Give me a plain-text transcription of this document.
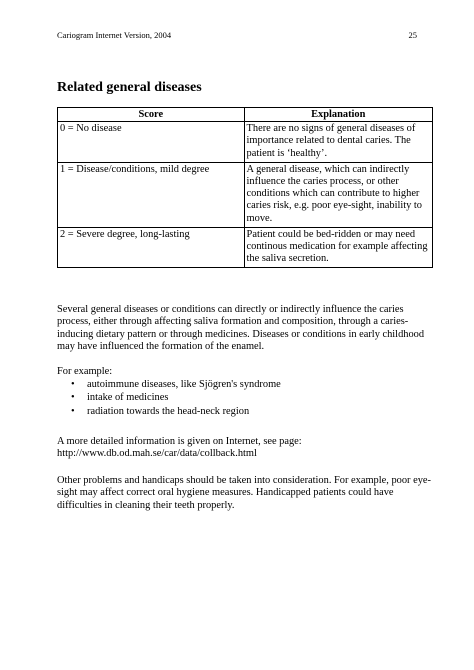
Cariogram Internet Version, 2004	25
Related general diseases
Score	Explanation
0 = No disease	There are no signs of general diseases of importance related to dental caries. The patient is ‘healthy’.
1 = Disease/conditions, mild degree	A general disease, which can indirectly influence the caries process, or other conditions which can contribute to higher caries risk, e.g. poor eye-sight, inability to move.
2 = Severe degree, long-lasting	Patient could be bed-ridden or may need continous medication for example affecting the saliva secretion.

Several general diseases or conditions can directly or indirectly influence the caries process, either through affecting saliva formation and composition, through a caries-inducing dietary pattern or through medicines. Diseases or conditions in early childhood may have influenced the formation of the enamel.

For example:

• autoimmune diseases, like Sjögren's syndrome
• intake of medicines
• radiation towards the head-neck region

A more detailed information is given on Internet, see page:
http://www.db.od.mah.se/car/data/collback.html

Other problems and handicaps should be taken into consideration. For example, poor eye-sight may affect correct oral hygiene measures. Handicapped patients could have difficulties in cleaning their teeth properly.
